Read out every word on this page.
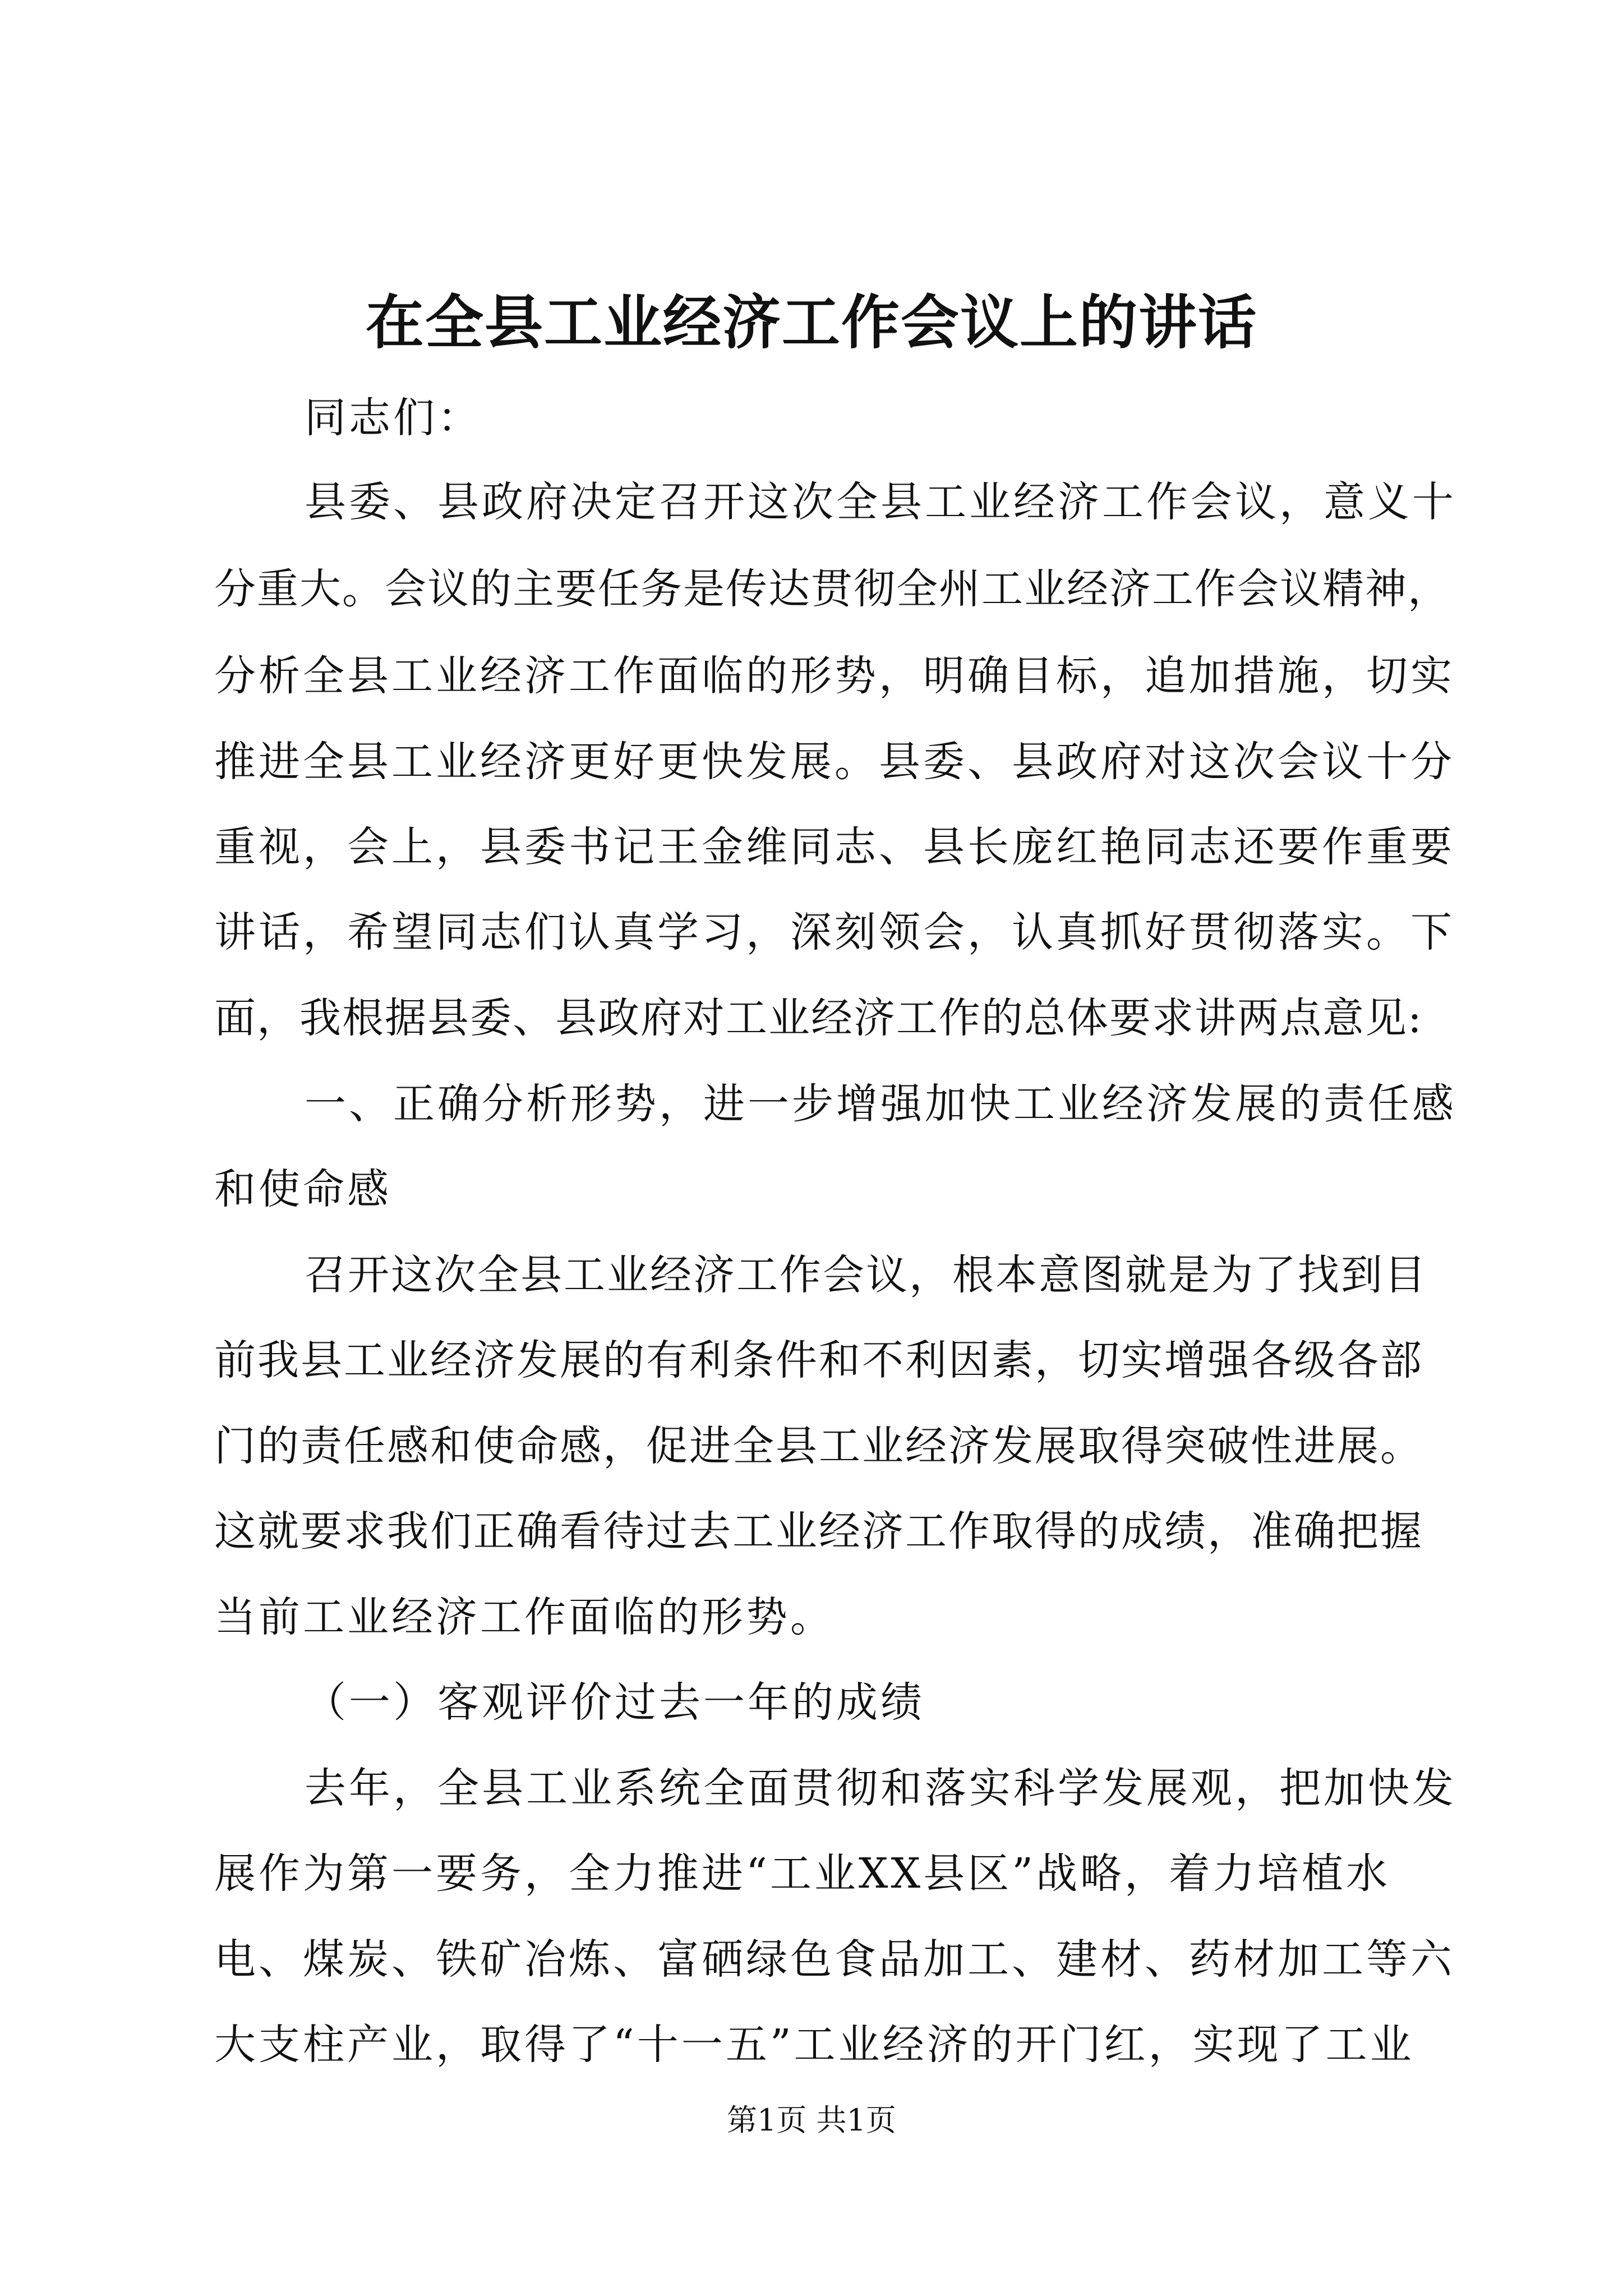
在全县工业经济工作会议上的讲话
同志们：
县委、县政府决定召开这次全县工业经济工作会议，意义十
分重大。会议的主要任务是传达贯彻全州工业经济工作会议精神，
分析全县工业经济工作面临的形势，明确目标，追加措施，切实
推进全县工业经济更好更快发展。县委、县政府对这次会议十分
重视，会上，县委书记王金维同志、县长庞红艳同志还要作重要
讲话，希望同志们认真学习，深刻领会，认真抓好贯彻落实。下
面，我根据县委、县政府对工业经济工作的总体要求讲两点意见:
一、正确分析形势，进一步增强加快工业经济发展的责任感
和使命感
召开这次全县工业经济工作会议，根本意图就是为了找到目
前我县工业经济发展的有利条件和不利因素，切实增强各级各部
门的责任感和使命感，促进全县工业经济发展取得突破性进展。
这就要求我们正确看待过去工业经济工作取得的成绩，准确把握
当前工业经济工作面临的形势。
（一）客观评价过去一年的成绩
去年，全县工业系统全面贯彻和落实科学发展观，把加快发
展作为第一要务，全力推进“工业XX县区”战略，着力培植水
电、煤炭、铁矿冶炼、富硒绿色食品加工、建材、药材加工等六
大支柱产业，取得了“十一五”工业经济的开门红，实现了工业
第1页 共1页
